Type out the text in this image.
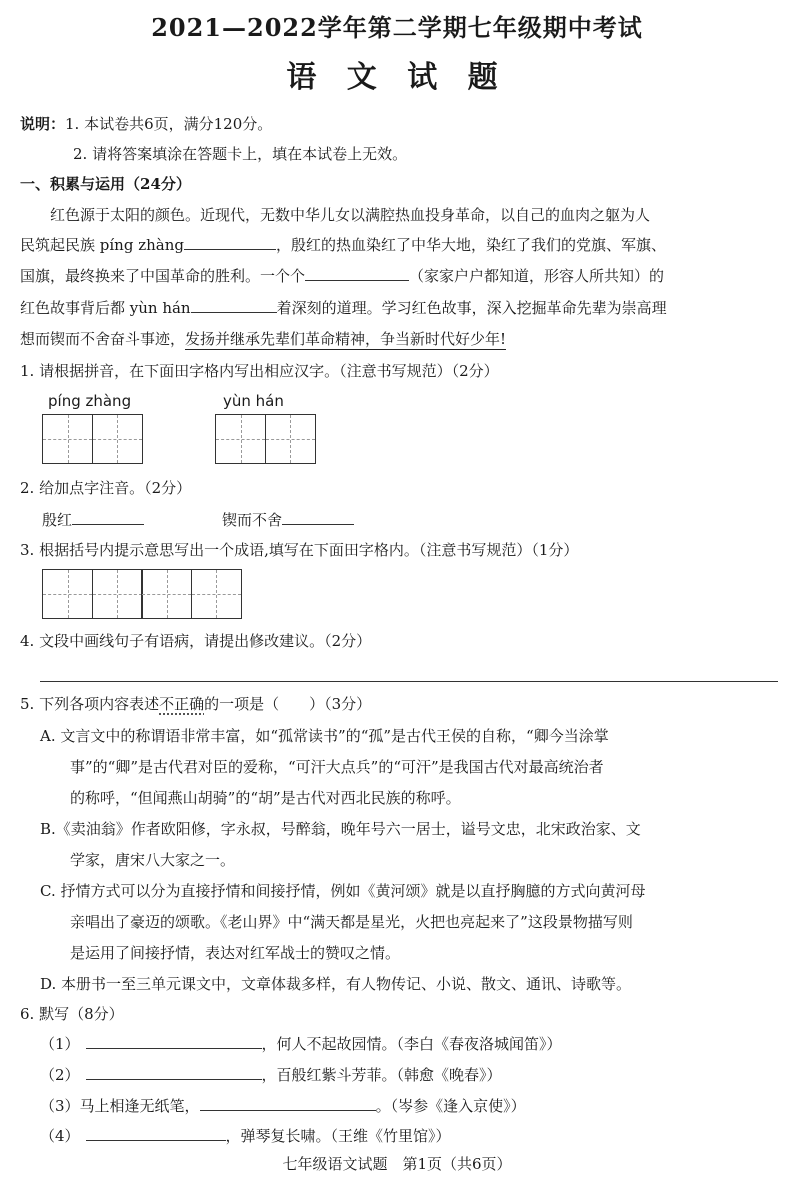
2021—2022学年第二学期七年级期中考试
语 文 试 题
说明：1. 本试卷共6页，满分120分。
2. 请将答案填涂在答题卡上，填在本试卷上无效。
一、积累与运用（24分）
红色源于太阳的颜色。近现代，无数中华儿女以满腔热血投身革命，以自己的血肉之躯为人
民筑起民族 píng zhàng	，殷红的热血染红了中华大地，染红了我们的党旗、军旗、
国旗，最终换来了中国革命的胜利。一个个	（家家户户都知道，形容人所共知）的
红色故事背后都 yùn hán	着深刻的道理。学习红色故事，深入挖掘革命先辈为崇高理
想而锲而不舍奋斗事迹，发扬并继承先辈们革命精神，争当新时代好少年!
1. 请根据拼音，在下面田字格内写出相应汉字。（注意书写规范）（2分）
píng zhàng	yùn hán
2. 给加点字注音。（2分）
殷红	锲而不舍
3. 根据括号内提示意思写出一个成语,填写在下面田字格内。（注意书写规范）（1分）
4. 文段中画线句子有语病，请提出修改建议。（2分）
5. 下列各项内容表述不正确的一项是（　　）（3分）
A. 文言文中的称谓语非常丰富，如“孤常读书”的“孤”是古代王侯的自称，“卿今当涂掌
事”的“卿”是古代君对臣的爱称，“可汗大点兵”的“可汗”是我国古代对最高统治者
的称呼，“但闻燕山胡骑”的“胡”是古代对西北民族的称呼。
B.《卖油翁》作者欧阳修，字永叔，号醉翁，晚年号六一居士，谥号文忠，北宋政治家、文
学家，唐宋八大家之一。
C. 抒情方式可以分为直接抒情和间接抒情，例如《黄河颂》就是以直抒胸臆的方式向黄河母
亲唱出了豪迈的颂歌。《老山界》中“满天都是星光，火把也亮起来了”这段景物描写则
是运用了间接抒情，表达对红军战士的赞叹之情。
D. 本册书一至三单元课文中，文章体裁多样，有人物传记、小说、散文、通讯、诗歌等。
6. 默写（8分）
（1）	，何人不起故园情。（李白《春夜洛城闻笛》）
（2）	，百般红紫斗芳菲。（韩愈《晚春》）
（3）马上相逢无纸笔，	。（岑参《逢入京使》）
（4）	，弹琴复长啸。（王维《竹里馆》）
七年级语文试题　第1页（共6页）
